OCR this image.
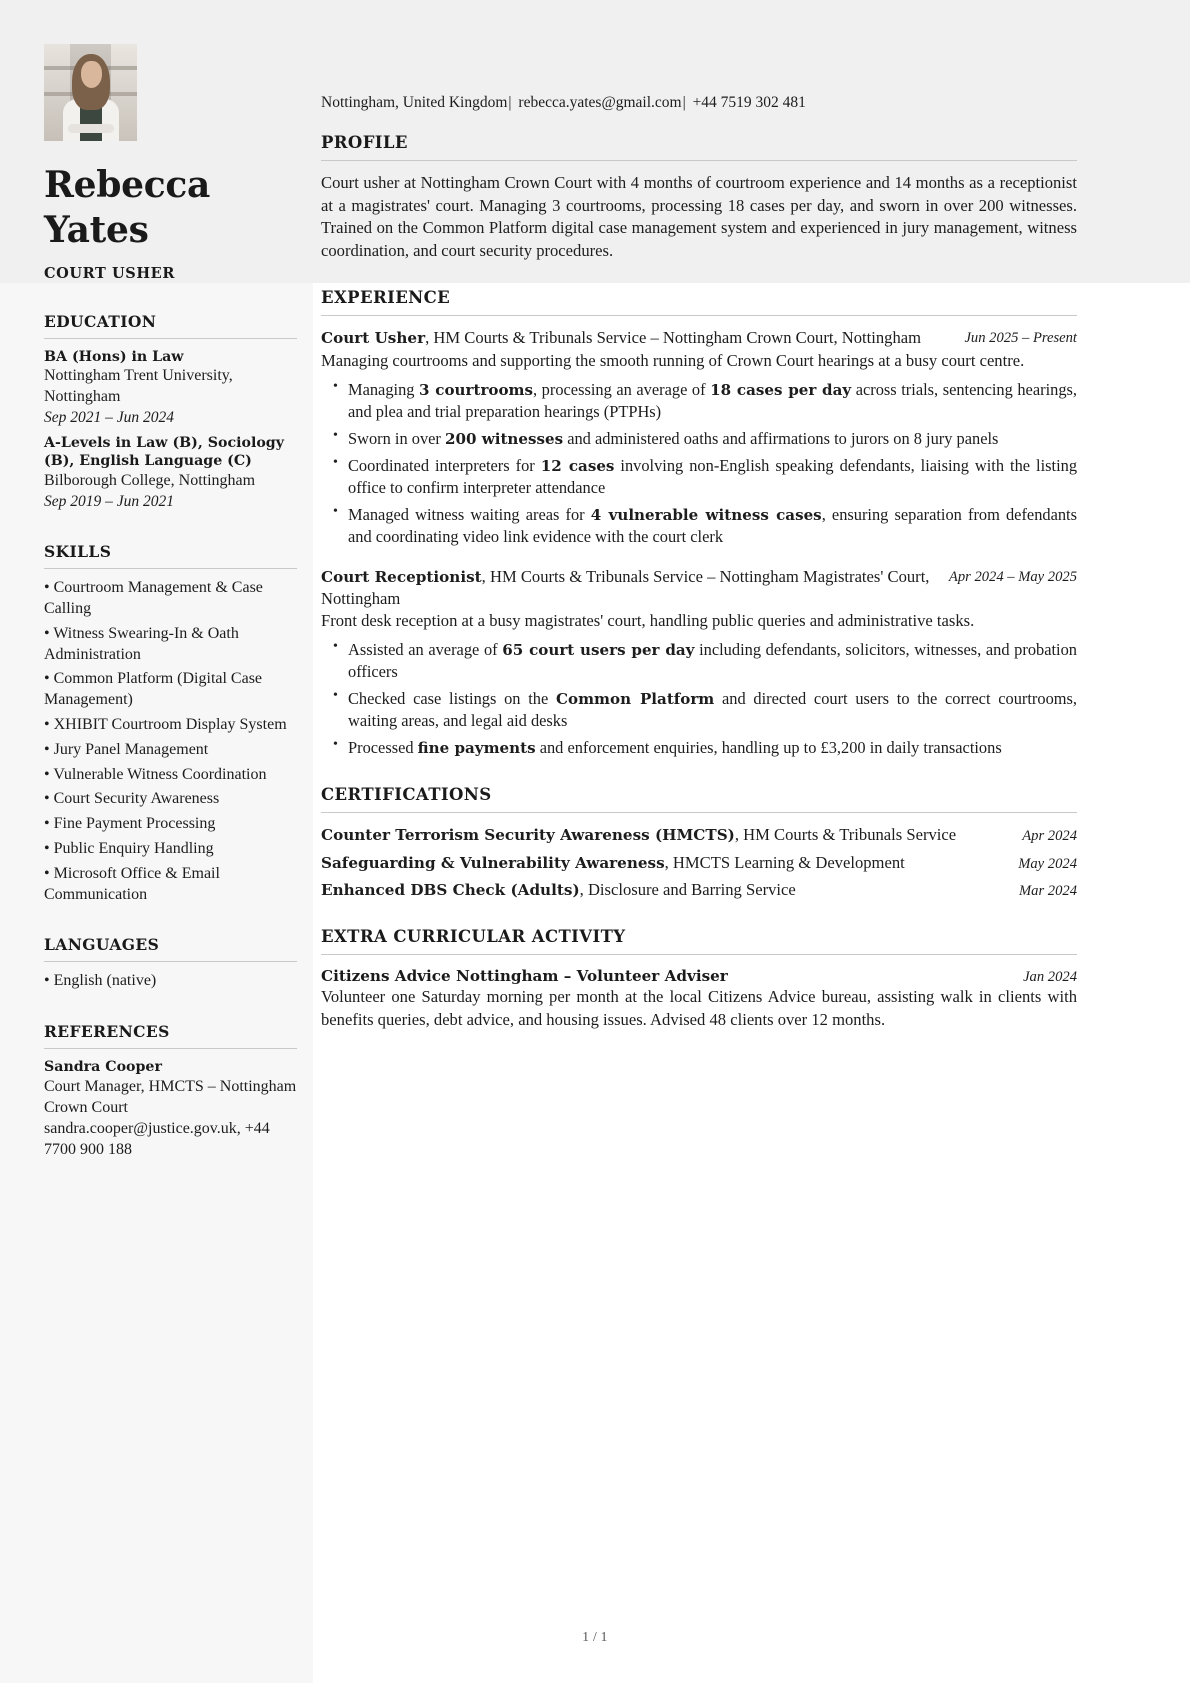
Rebecca
Yates
COURT USHER
EDUCATION
BA (Hons) in Law
Nottingham Trent University, Nottingham
Sep 2021 – Jun 2024
A-Levels in Law (B), Sociology (B), English Language (C)
Bilborough College, Nottingham
Sep 2019 – Jun 2021
SKILLS
• Courtroom Management & Case Calling
• Witness Swearing-In & Oath Administration
• Common Platform (Digital Case Management)
• XHIBIT Courtroom Display System
• Jury Panel Management
• Vulnerable Witness Coordination
• Court Security Awareness
• Fine Payment Processing
• Public Enquiry Handling
• Microsoft Office & Email Communication
LANGUAGES
• English (native)
REFERENCES
Sandra Cooper
Court Manager, HMCTS – Nottingham Crown Court
sandra.cooper@justice.gov.uk, +44 7700 900 188
Nottingham, United Kingdom| rebecca.yates@gmail.com| +44 7519 302 481
PROFILE
Court usher at Nottingham Crown Court with 4 months of courtroom experience and 14 months as a receptionist at a magistrates' court. Managing 3 courtrooms, processing 18 cases per day, and sworn in over 200 witnesses. Trained on the Common Platform digital case management system and experienced in jury management, witness coordination, and court security procedures.
EXPERIENCE
Court Usher, HM Courts & Tribunals Service – Nottingham Crown Court, Nottingham	Jun 2025 – Present
Managing courtrooms and supporting the smooth running of Crown Court hearings at a busy court centre.
• Managing 3 courtrooms, processing an average of 18 cases per day across trials, sentencing hearings, and plea and trial preparation hearings (PTPHs)
• Sworn in over 200 witnesses and administered oaths and affirmations to jurors on 8 jury panels
• Coordinated interpreters for 12 cases involving non-English speaking defendants, liaising with the listing office to confirm interpreter attendance
• Managed witness waiting areas for 4 vulnerable witness cases, ensuring separation from defendants and coordinating video link evidence with the court clerk
Court Receptionist, HM Courts & Tribunals Service – Nottingham Magistrates' Court, Nottingham
Apr 2024 – May 2025
Front desk reception at a busy magistrates' court, handling public queries and administrative tasks.
• Assisted an average of 65 court users per day including defendants, solicitors, witnesses, and probation officers
• Checked case listings on the Common Platform and directed court users to the correct courtrooms, waiting areas, and legal aid desks
• Processed fine payments and enforcement enquiries, handling up to £3,200 in daily transactions
CERTIFICATIONS
Counter Terrorism Security Awareness (HMCTS), HM Courts & Tribunals Service	Apr 2024
Safeguarding & Vulnerability Awareness, HMCTS Learning & Development	May 2024
Enhanced DBS Check (Adults), Disclosure and Barring Service	Mar 2024
EXTRA CURRICULAR ACTIVITY
Citizens Advice Nottingham – Volunteer Adviser	Jan 2024
Volunteer one Saturday morning per month at the local Citizens Advice bureau, assisting walk in clients with benefits queries, debt advice, and housing issues. Advised 48 clients over 12 months.
1 / 1
